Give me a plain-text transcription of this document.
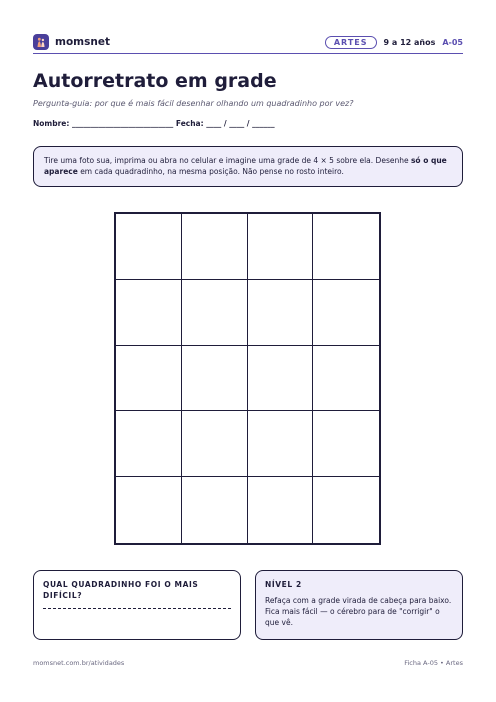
momsnet	ARTES	9 a 12 años A-05
Autorretrato em grade
Pergunta-guia: por que é mais fácil desenhar olhando um quadradinho por vez?
Nombre: ___________________________ Fecha: ____ / ____ / ______
Tire uma foto sua, imprima ou abra no celular e imagine uma grade de 4 × 5 sobre ela. Desenhe só o que aparece em cada quadradinho, na mesma posição. Não pense no rosto inteiro.
QUAL QUADRADINHO FOI O MAIS DIFÍCIL?
NÍVEL 2
Refaça com a grade virada de cabeça para baixo. Fica mais fácil — o cérebro para de "corrigir" o que vê.
momsnet.com.br/atividades	Ficha A-05 • Artes
